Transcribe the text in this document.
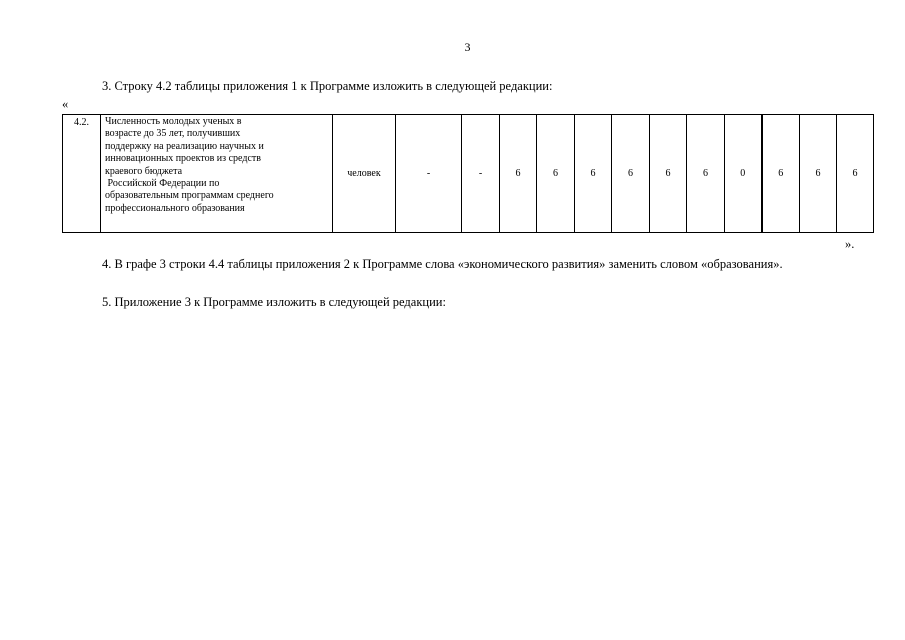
3

3. Строку 4.2 таблицы приложения 1 к Программе изложить в следующей редакции:

«
4.2.	Численность молодых ученых в
возрасте до 35 лет, получивших
поддержку на реализацию научных и
инновационных проектов из средств
краевого бюджета
Российской Федерации по
образовательным программам среднего
профессионального образования
	человек	-	-	6	6	6	6	6	6	0	6	6	6
».

4. В графе 3 строки 4.4 таблицы приложения 2 к Программе слова «экономического развития» заменить словом «образования».

5. Приложение 3 к Программе изложить в следующей редакции:
